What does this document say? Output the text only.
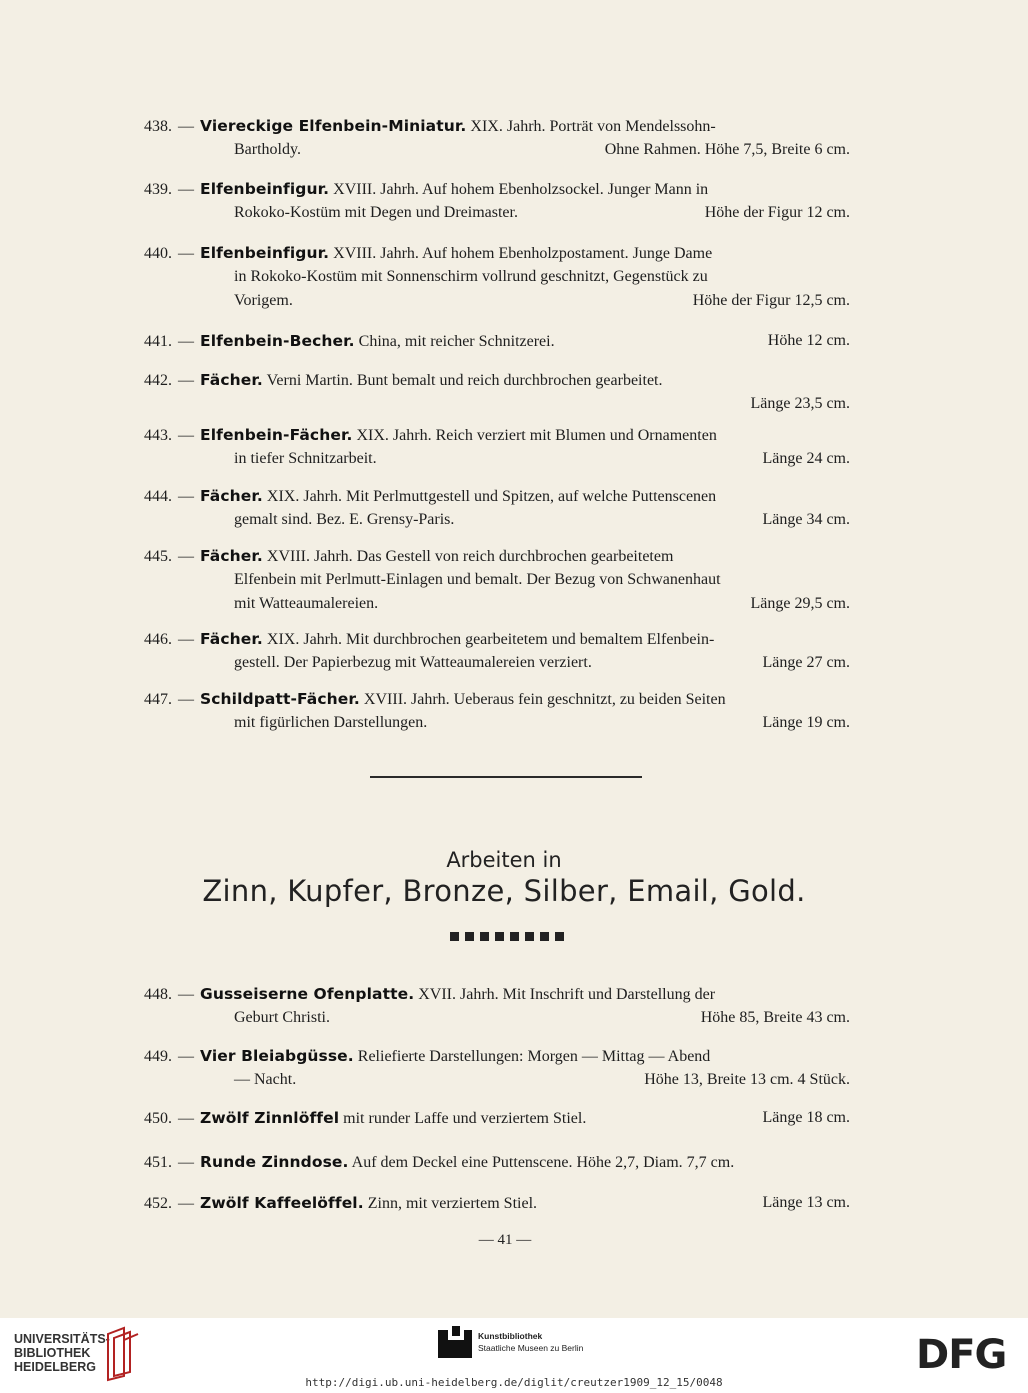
438. — Viereckige Elfenbein-Miniatur. XIX. Jahrh. Porträt von Mendelssohn-
Bartholdy.	Ohne Rahmen. Höhe 7,5, Breite 6 cm.
439. — Elfenbeinfigur. XVIII. Jahrh. Auf hohem Ebenholzsockel. Junger Mann in
Rokoko-Kostüm mit Degen und Dreimaster.	Höhe der Figur 12 cm.
440. — Elfenbeinfigur. XVIII. Jahrh. Auf hohem Ebenholzpostament. Junge Dame
in Rokoko-Kostüm mit Sonnenschirm vollrund geschnitzt, Gegenstück zu
Vorigem.	Höhe der Figur 12,5 cm.
441. — Elfenbein-Becher. China, mit reicher Schnitzerei.	Höhe 12 cm.
442. — Fächer. Verni Martin. Bunt bemalt und reich durchbrochen gearbeitet.
Länge 23,5 cm.
443. — Elfenbein-Fächer. XIX. Jahrh. Reich verziert mit Blumen und Ornamenten
in tiefer Schnitzarbeit.	Länge 24 cm.
444. — Fächer. XIX. Jahrh. Mit Perlmuttgestell und Spitzen, auf welche Puttenscenen
gemalt sind. Bez. E. Grensy-Paris.	Länge 34 cm.
445. — Fächer. XVIII. Jahrh. Das Gestell von reich durchbrochen gearbeitetem
Elfenbein mit Perlmutt-Einlagen und bemalt. Der Bezug von Schwanenhaut
mit Watteaumalereien.	Länge 29,5 cm.
446. — Fächer. XIX. Jahrh. Mit durchbrochen gearbeitetem und bemaltem Elfenbein-
gestell. Der Papierbezug mit Watteaumalereien verziert.	Länge 27 cm.
447. — Schildpatt-Fächer. XVIII. Jahrh. Ueberaus fein geschnitzt, zu beiden Seiten
mit figürlichen Darstellungen.	Länge 19 cm.
Arbeiten in
Zinn, Kupfer, Bronze, Silber, Email, Gold.
448. — Gusseiserne Ofenplatte. XVII. Jahrh. Mit Inschrift und Darstellung der
Geburt Christi.	Höhe 85, Breite 43 cm.
449. — Vier Bleiabgüsse. Reliefierte Darstellungen: Morgen — Mittag — Abend
— Nacht.	Höhe 13, Breite 13 cm. 4 Stück.
450. — Zwölf Zinnlöffel mit runder Laffe und verziertem Stiel.	Länge 18 cm.
451. — Runde Zinndose. Auf dem Deckel eine Puttenscene. Höhe 2,7, Diam. 7,7 cm.
452. — Zwölf Kaffeelöffel. Zinn, mit verziertem Stiel.	Länge 13 cm.
— 41 —
UNIVERSITÄTS-
BIBLIOTHEK
HEIDELBERG
Kunstbibliothek
Staatliche Museen zu Berlin	DFG
http://digi.ub.uni-heidelberg.de/diglit/creutzer1909_12_15/0048
